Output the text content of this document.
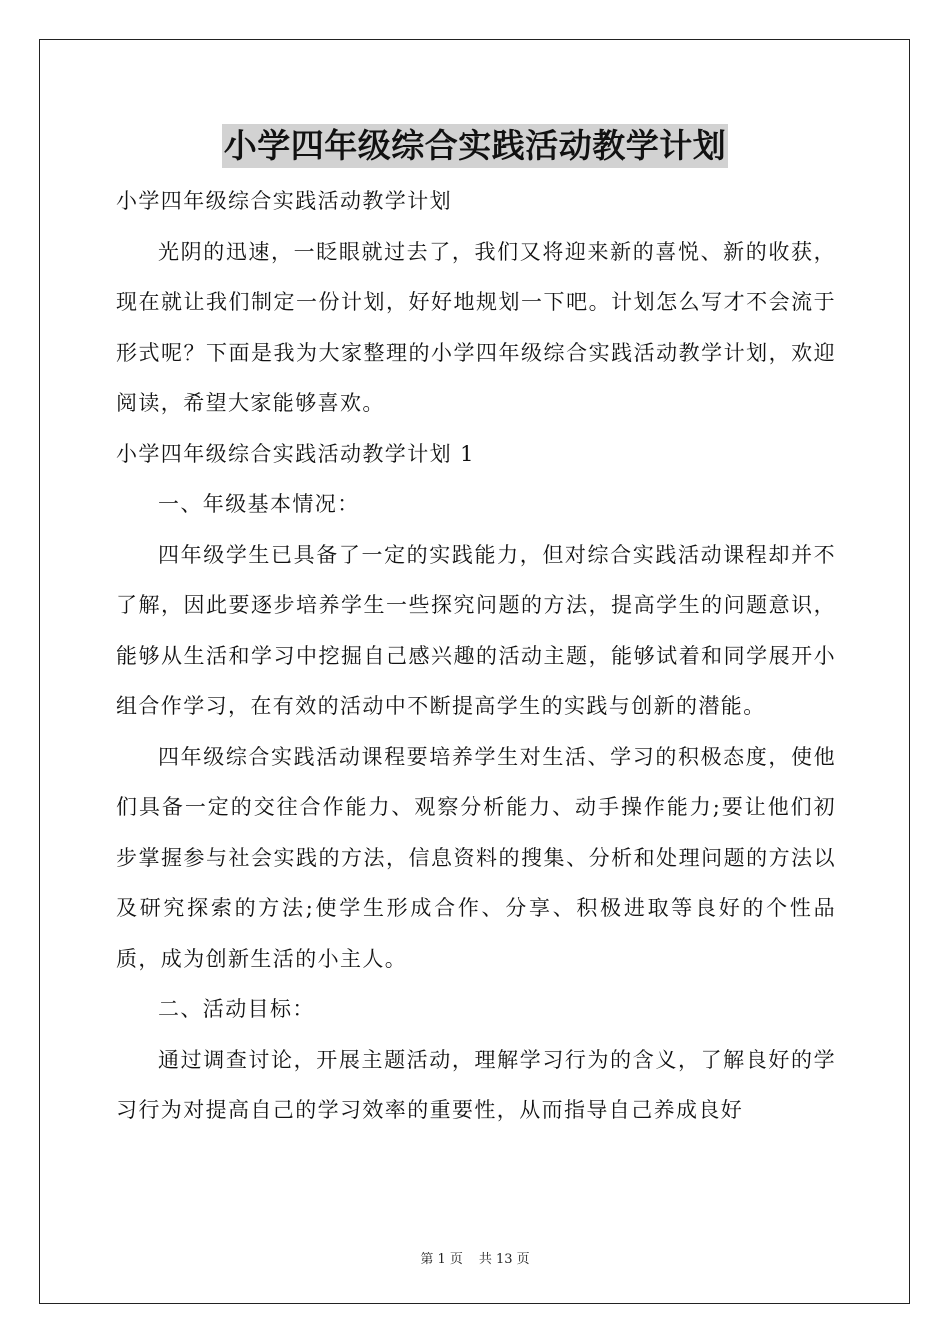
小学四年级综合实践活动教学计划

小学四年级综合实践活动教学计划

光阴的迅速，一眨眼就过去了，我们又将迎来新的喜悦、新的收获，现在就让我们制定一份计划，好好地规划一下吧。计划怎么写才不会流于形式呢？下面是我为大家整理的小学四年级综合实践活动教学计划，欢迎阅读，希望大家能够喜欢。

小学四年级综合实践活动教学计划 1

一、年级基本情况：

四年级学生已具备了一定的实践能力，但对综合实践活动课程却并不了解，因此要逐步培养学生一些探究问题的方法，提高学生的问题意识，能够从生活和学习中挖掘自己感兴趣的活动主题，能够试着和同学展开小组合作学习，在有效的活动中不断提高学生的实践与创新的潜能。

四年级综合实践活动课程要培养学生对生活、学习的积极态度，使他们具备一定的交往合作能力、观察分析能力、动手操作能力;要让他们初步掌握参与社会实践的方法，信息资料的搜集、分析和处理问题的方法以及研究探索的方法;使学生形成合作、分享、积极进取等良好的个性品质，成为创新生活的小主人。

二、活动目标：

通过调查讨论，开展主题活动，理解学习行为的含义，了解良好的学习行为对提高自己的学习效率的重要性，从而指导自己养成良好

第 1 页 共 13 页
